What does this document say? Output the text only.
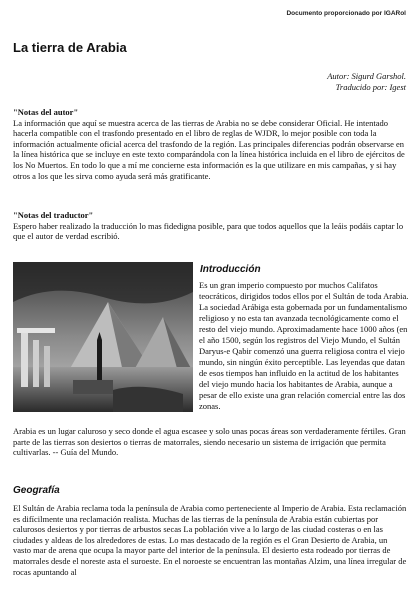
Documento proporcionado por IGARol
La tierra de Arabia
Autor: Sigurd Garshol.
Traducido por: Igest
"Notas del autor"
La información que aquí se muestra acerca de las tierras de Arabia no se debe considerar Oficial. He intentado hacerla compatible con el trasfondo presentado en el libro de reglas de WJDR, lo mejor posible con toda la información actualmente oficial acerca del trasfondo de la región. Las principales diferencias podrán observarse en la línea histórica que se incluye en este texto comparándola con la línea histórica incluida en el libro de ejércitos de los No Muertos. En todo lo que a mí me concierne esta información es la que utilizare en mis campañas, y si hay otros a los que les sirva como ayuda será más gratificante.
"Notas del traductor"
Espero haber realizado la traducción lo mas fidedigna posible, para que todos aquellos que la leáis podáis captar lo que el autor de verdad escribió.
Introducción
Es un gran imperio compuesto por muchos Califatos teocráticos, dirigidos todos ellos por el Sultán de toda Arabia. La sociedad Arábiga esta gobernada por un fundamentalismo religioso y no esta tan avanzada tecnológicamente como el resto del viejo mundo. Aproximadamente hace 1000 años (en el año 1500, según los registros del Viejo Mundo, el Sultán Daryus-e Qabir comenzó una guerra religiosa contra el viejo mundo, sin ningún éxito perceptible. Las leyendas que datan de esos tiempos han influido en la actitud de los habitantes del viejo mundo hacia los habitantes de Arabia, aunque a pesar de ello existe una gran relación comercial entre las dos zonas.
Arabia es un lugar caluroso y seco donde el agua escasee y solo unas pocas áreas son verdaderamente fértiles. Gran parte de las tierras son desiertos o tierras de matorrales, siendo necesario un sistema de irrigación que permita cultivarlas. -- Guía del Mundo.
Geografía
El Sultán de Arabia reclama toda la península de Arabia como perteneciente al Imperio de Arabia. Esta reclamación es difícilmente una reclamación realista. Muchas de las tierras de la península de Arabia están cubiertas por calurosos desiertos y por tierras de arbustos secas La población vive a lo largo de las ciudad costeras o en las ciudades y aldeas de los alrededores de estas. Lo mas destacado de la región es el Gran Desierto de Arabia, un vasto mar de arena que ocupa la mayor parte del interior de la península. El desierto esta rodeado por tierras de matorrales desde el noreste asta el suroeste. En el noroeste se encuentran las montañas Alzim, una línea irregular de rocas apuntando al
